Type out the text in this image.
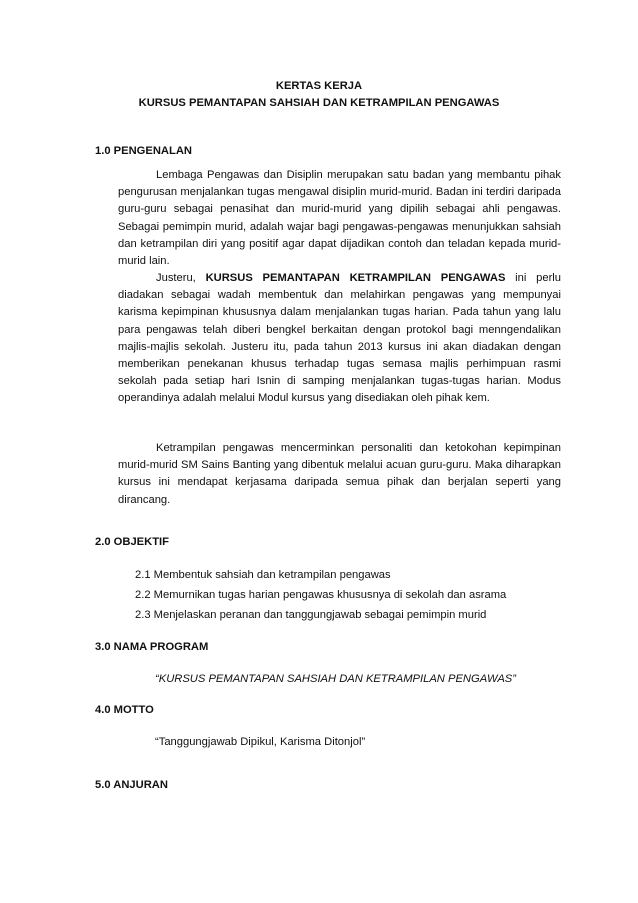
KERTAS KERJA

KURSUS PEMANTAPAN SAHSIAH DAN KETRAMPILAN PENGAWAS

1.0 PENGENALAN

Lembaga Pengawas dan Disiplin merupakan satu badan yang membantu pihak pengurusan menjalankan tugas mengawal disiplin murid-murid. Badan ini terdiri daripada guru-guru sebagai penasihat dan murid-murid yang dipilih sebagai ahli pengawas. Sebagai pemimpin murid, adalah wajar bagi pengawas-pengawas menunjukkan sahsiah dan ketrampilan diri yang positif agar dapat dijadikan contoh dan teladan kepada murid-murid lain.

Justeru, KURSUS PEMANTAPAN KETRAMPILAN PENGAWAS ini perlu diadakan sebagai wadah membentuk dan melahirkan pengawas yang mempunyai karisma kepimpinan khususnya dalam menjalankan tugas harian. Pada tahun yang lalu para pengawas telah diberi bengkel berkaitan dengan protokol bagi menngendalikan majlis-majlis sekolah. Justeru itu, pada tahun 2013 kursus ini akan diadakan dengan memberikan penekanan khusus terhadap tugas semasa majlis perhimpuan rasmi sekolah pada setiap hari Isnin di samping menjalankan tugas-tugas harian. Modus operandinya adalah melalui Modul kursus yang disediakan oleh pihak kem.

Ketrampilan pengawas mencerminkan personaliti dan ketokohan kepimpinan murid-murid SM Sains Banting yang dibentuk melalui acuan guru-guru. Maka diharapkan kursus ini mendapat kerjasama daripada semua pihak dan berjalan seperti yang dirancang.

2.0 OBJEKTIF

2.1 Membentuk sahsiah dan ketrampilan pengawas

2.2 Memurnikan tugas harian pengawas khususnya di sekolah dan asrama

2.3 Menjelaskan peranan dan tanggungjawab sebagai pemimpin murid

3.0 NAMA PROGRAM

“KURSUS PEMANTAPAN SAHSIAH DAN KETRAMPILAN PENGAWAS”

4.0 MOTTO

“Tanggungjawab Dipikul, Karisma Ditonjol”

5.0 ANJURAN
